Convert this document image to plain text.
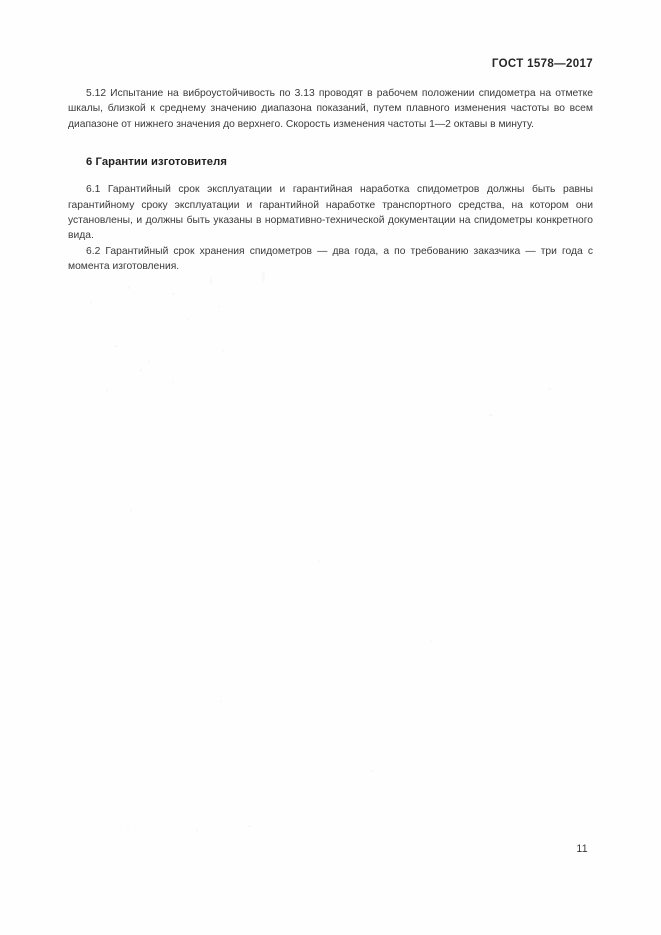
ГОСТ 1578—2017

5.12 Испытание на виброустойчивость по 3.13 проводят в рабочем положении спидометра на отметке шкалы, близкой к среднему значению диапазона показаний, путем плавного изменения частоты во всем диапазоне от нижнего значения до верхнего. Скорость изменения частоты 1—2 октавы в минуту.

6 Гарантии изготовителя

6.1 Гарантийный срок эксплуатации и гарантийная наработка спидометров должны быть равны гарантийному сроку эксплуатации и гарантийной наработке транспортного средства, на котором они установлены, и должны быть указаны в нормативно-технической документации на спидометры конкретного вида.

6.2 Гарантийный срок хранения спидометров — два года, а по требованию заказчика — три года с момента изготовления.

11
